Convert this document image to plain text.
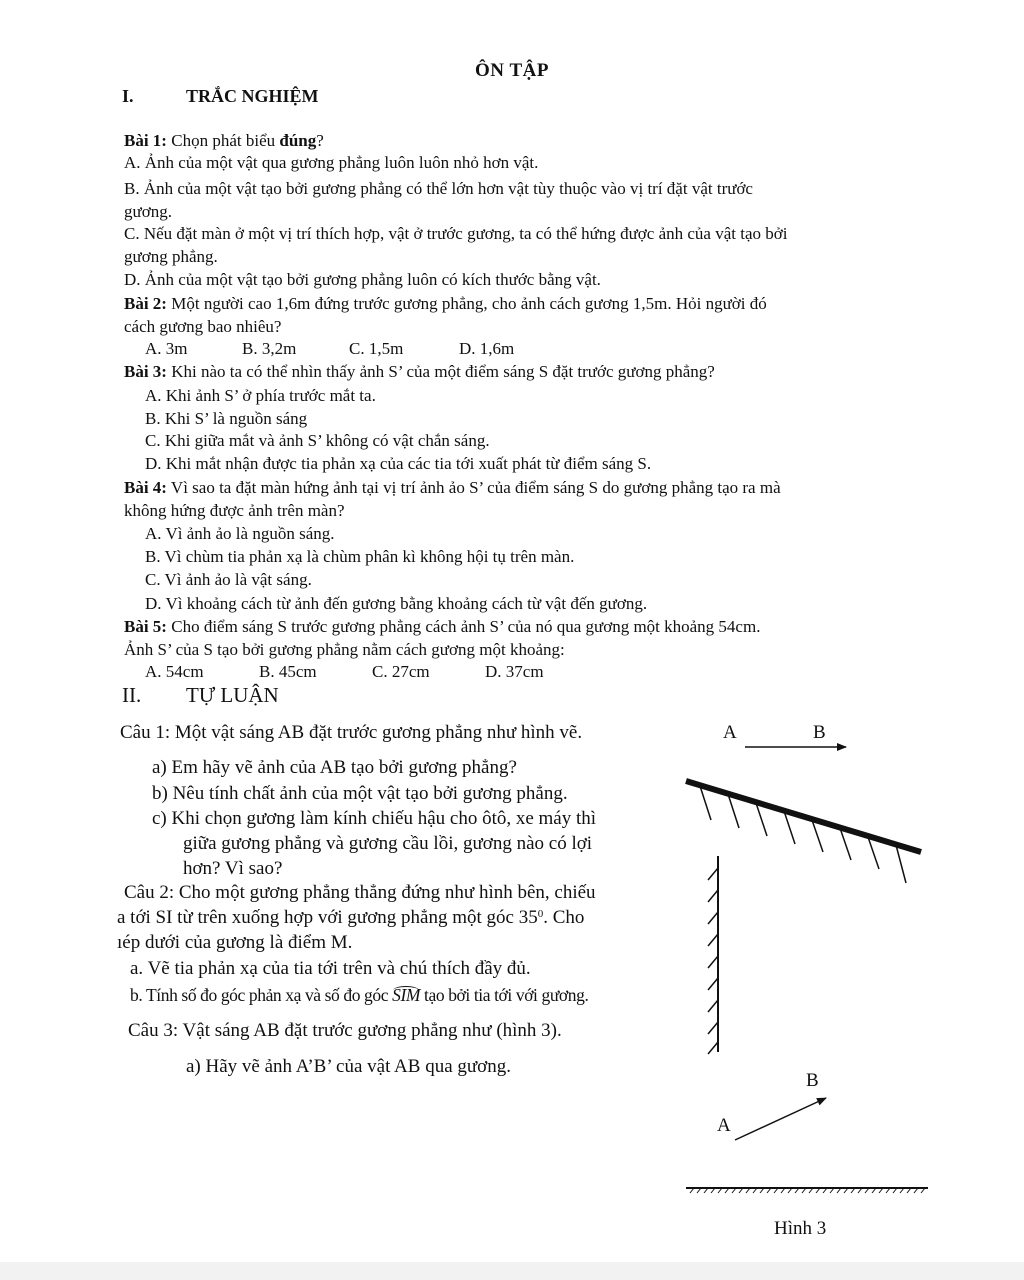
ÔN TẬP
I.	TRẮC NGHIỆM
Bài 1: Chọn phát biểu đúng?
A. Ảnh của một vật qua gương phẳng luôn luôn nhỏ hơn vật.
B. Ảnh của một vật tạo bởi gương phẳng có thể lớn hơn vật tùy thuộc vào vị trí đặt vật trước
gương.
C. Nếu đặt màn ở một vị trí thích hợp, vật ở trước gương, ta có thể hứng được ảnh của vật tạo bởi
gương phẳng.
D. Ảnh của một vật tạo bởi gương phẳng luôn có kích thước bằng vật.
Bài 2: Một người cao 1,6m đứng trước gương phẳng, cho ảnh cách gương 1,5m. Hỏi người đó
cách gương bao nhiêu?
A. 3m	B. 3,2m	C. 1,5m	D. 1,6m
Bài 3: Khi nào ta có thể nhìn thấy ảnh S’ của một điểm sáng S đặt trước gương phẳng?
A. Khi ảnh S’ ở phía trước mắt ta.
B. Khi S’ là nguồn sáng
C. Khi giữa mắt và ảnh S’ không có vật chắn sáng.
D. Khi mắt nhận được tia phản xạ của các tia tới xuất phát từ điểm sáng S.
Bài 4: Vì sao ta đặt màn hứng ảnh tại vị trí ảnh ảo S’ của điểm sáng S do gương phẳng tạo ra mà
không hứng được ảnh trên màn?
A. Vì ảnh ảo là nguồn sáng.
B. Vì chùm tia phản xạ là chùm phân kì không hội tụ trên màn.
C. Vì ảnh ảo là vật sáng.
D. Vì khoảng cách từ ảnh đến gương bằng khoảng cách từ vật đến gương.
Bài 5: Cho điểm sáng S trước gương phẳng cách ảnh S’ của nó qua gương một khoảng 54cm.
Ảnh S’ của S tạo bởi gương phẳng nằm cách gương một khoảng:
A. 54cm	B. 45cm	C. 27cm	D. 37cm
II. TỰ LUẬN
Câu 1: Một vật sáng AB đặt trước gương phẳng như hình vẽ.
a) Em hãy vẽ ảnh của AB tạo bởi gương phẳng?
b) Nêu tính chất ảnh của một vật tạo bởi gương phẳng.
c) Khi chọn gương làm kính chiếu hậu cho ôtô, xe máy thì
giữa gương phẳng và gương cầu lồi, gương nào có lợi
hơn? Vì sao?
Câu 2: Cho một gương phẳng thẳng đứng như hình bên, chiếu
a tới SI từ trên xuống hợp với gương phẳng một góc $35^0$. Cho
ıép dưới của gương là điểm M.
a. Vẽ tia phản xạ của tia tới trên và chú thích đầy đủ.
b. Tính số đo góc phản xạ và số đo góc SIM tạo bởi tia tới với gương.
Câu 3: Vật sáng AB đặt trước gương phẳng như (hình 3).
a) Hãy vẽ ảnh A’B’ của vật AB qua gương.
A	B
B
A
Hình 3
